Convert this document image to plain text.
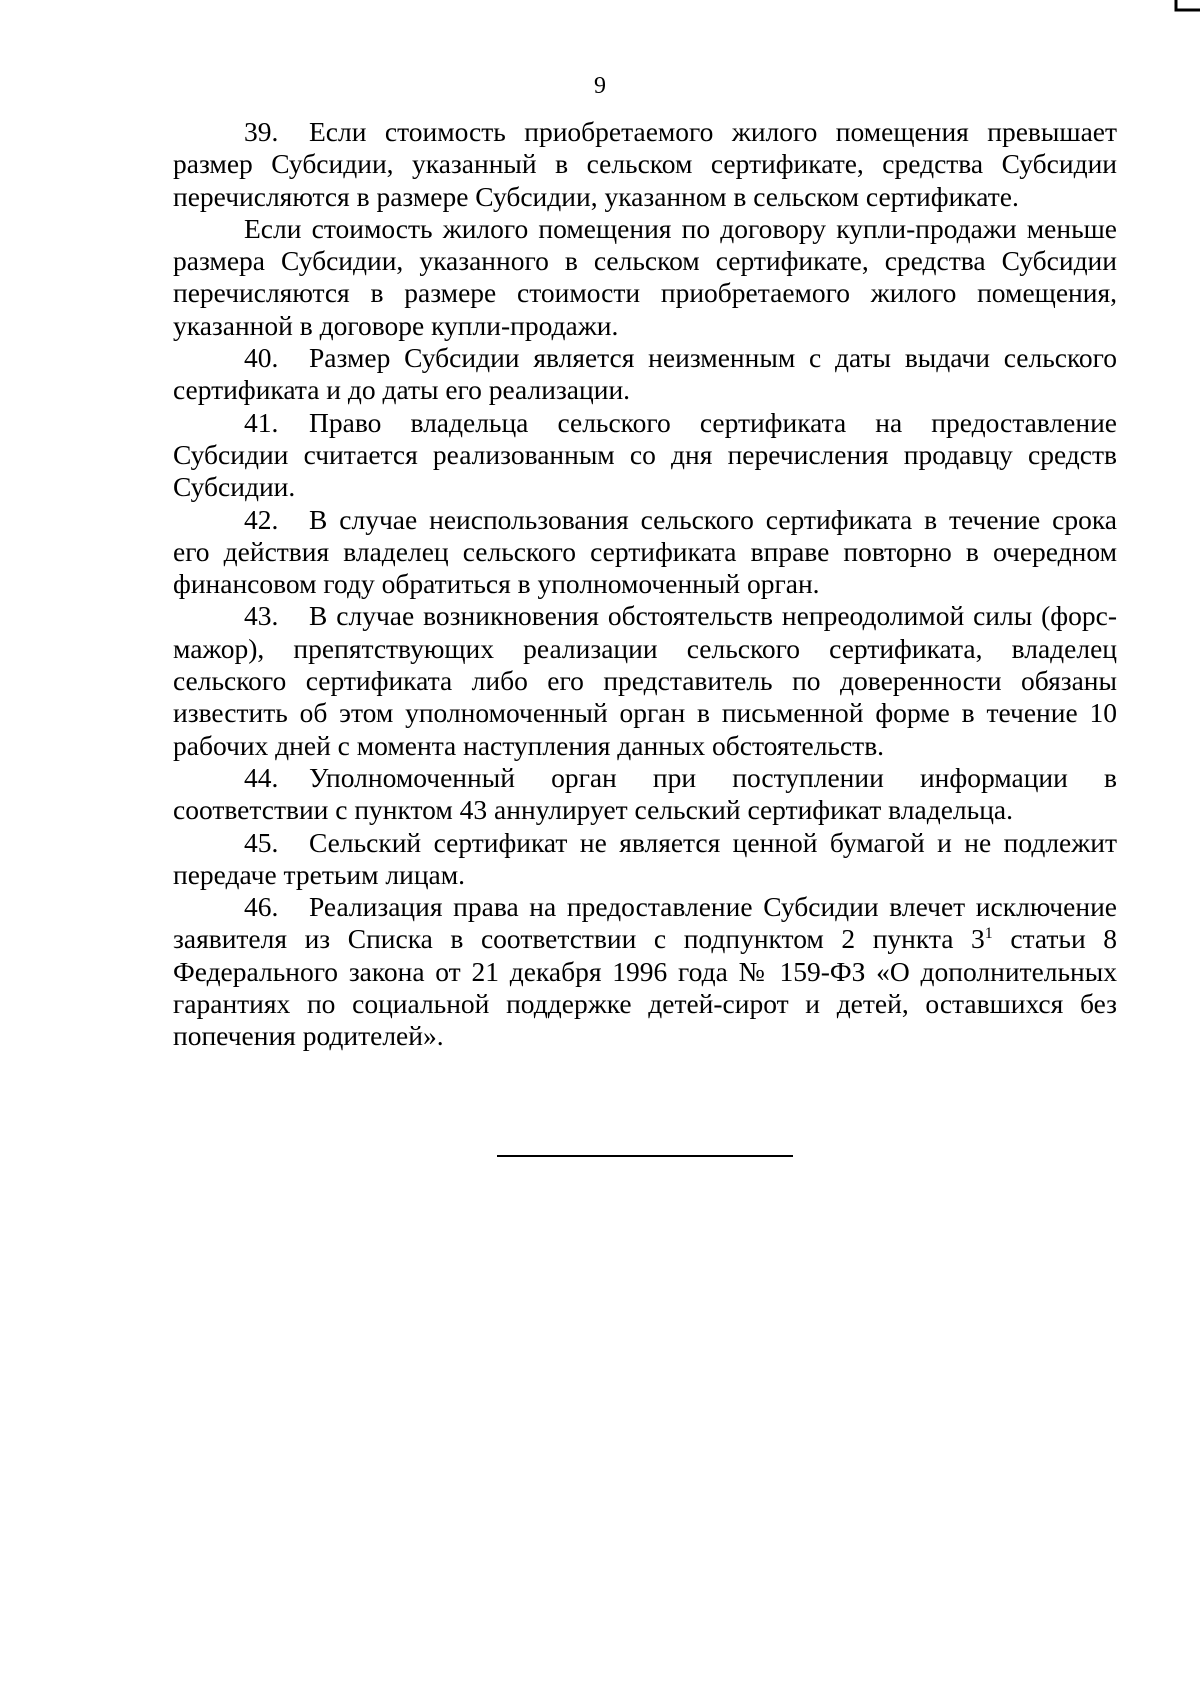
9

39. Если стоимость приобретаемого жилого помещения превышает размер Субсидии, указанный в сельском сертификате, средства Субсидии перечисляются в размере Субсидии, указанном в сельском сертификате.

Если стоимость жилого помещения по договору купли-продажи меньше размера Субсидии, указанного в сельском сертификате, средства Субсидии перечисляются в размере стоимости приобретаемого жилого помещения, указанной в договоре купли-продажи.

40. Размер Субсидии является неизменным с даты выдачи сельского сертификата и до даты его реализации.

41. Право владельца сельского сертификата на предоставление Субсидии считается реализованным со дня перечисления продавцу средств Субсидии.

42. В случае неиспользования сельского сертификата в течение срока его действия владелец сельского сертификата вправе повторно в очередном финансовом году обратиться в уполномоченный орган.

43. В случае возникновения обстоятельств непреодолимой силы (форс-мажор), препятствующих реализации сельского сертификата, владелец сельского сертификата либо его представитель по доверенности обязаны известить об этом уполномоченный орган в письменной форме в течение 10 рабочих дней с момента наступления данных обстоятельств.

44. Уполномоченный орган при поступлении информации в соответствии с пунктом 43 аннулирует сельский сертификат владельца.

45. Сельский сертификат не является ценной бумагой и не подлежит передаче третьим лицам.

46. Реализация права на предоставление Субсидии влечет исключение заявителя из Списка в соответствии с подпунктом 2 пункта $3^1$ статьи 8 Федерального закона от 21 декабря 1996 года № 159-ФЗ «О дополнительных гарантиях по социальной поддержке детей-сирот и детей, оставшихся без попечения родителей».
